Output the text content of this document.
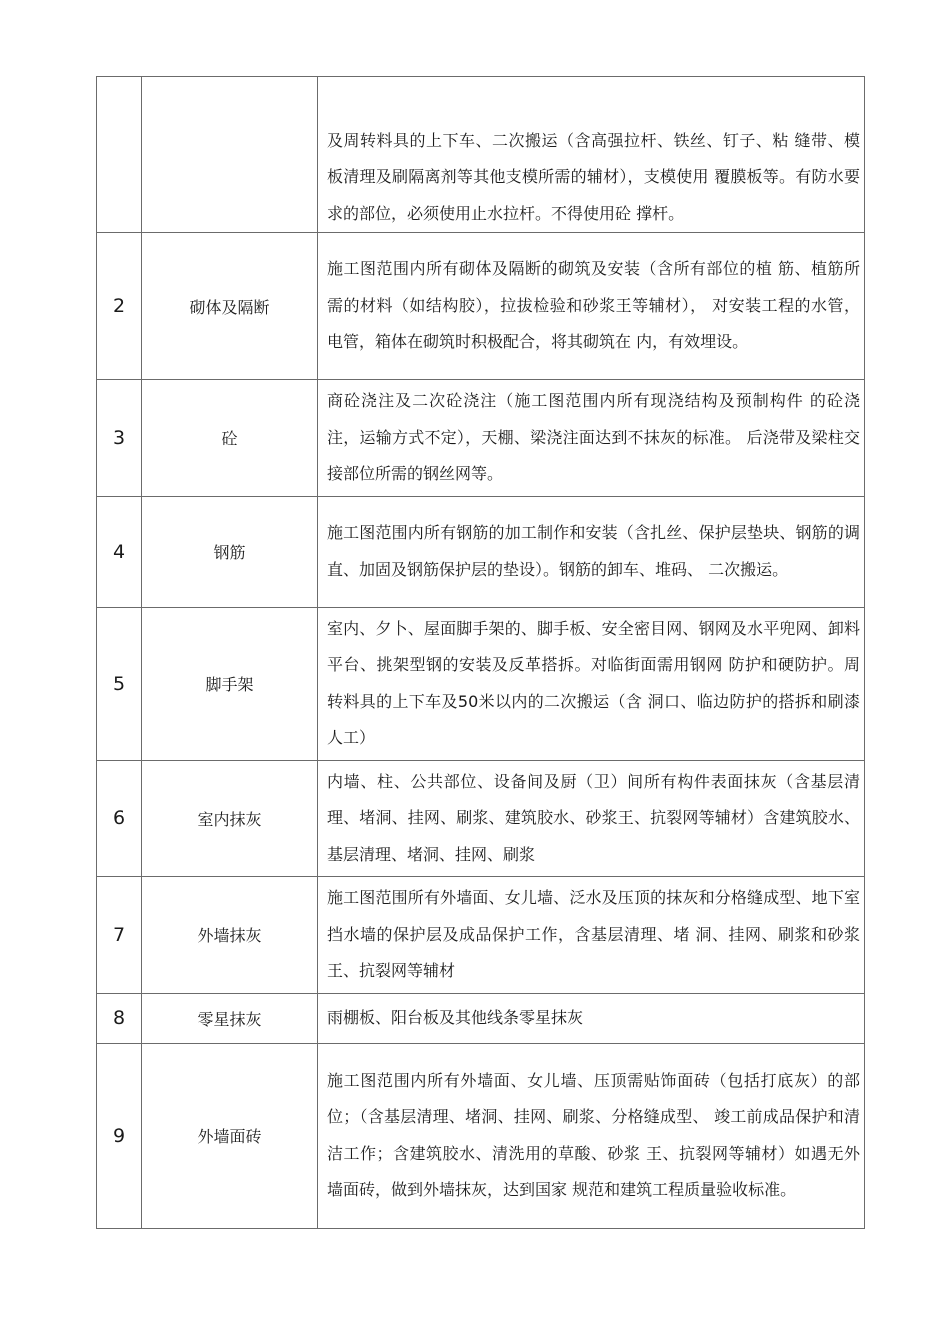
		及周转料具的上下车、二次搬运（含高强拉杆、铁丝、钉子、粘 缝带、模板清理及刷隔离剂等其他支模所需的辅材），支模使用 覆膜板等。有防水要求的部位，必须使用止水拉杆。不得使用砼 撑杆。
2	砌体及隔断	施工图范围内所有砌体及隔断的砌筑及安装（含所有部位的植 筋、植筋所需的材料（如结构胶），拉拔检验和砂浆王等辅材）， 对安装工程的水管，电管，箱体在砌筑时积极配合，将其砌筑在 内，有效埋设。
3	砼	商砼浇注及二次砼浇注（施工图范围内所有现浇结构及预制构件 的砼浇注，运输方式不定），天棚、梁浇注面达到不抹灰的标准。 后浇带及梁柱交接部位所需的钢丝网等。
4	钢筋	施工图范围内所有钢筋的加工制作和安装（含扎丝、保护层垫块、钢筋的调直、加固及钢筋保护层的垫设）。钢筋的卸车、堆码、 二次搬运。
5	脚手架	室内、夕卜、屋面脚手架的、脚手板、安全密目网、钢网及水平兜网、卸料平台、挑架型钢的安装及反革搭拆。对临街面需用钢网 防护和硬防护。周转料具的上下车及50米以内的二次搬运（含 洞口、临边防护的搭拆和刷漆人工）
6	室内抹灰	内墙、柱、公共部位、设备间及厨（卫）间所有构件表面抹灰（含基层清理、堵洞、挂网、刷浆、建筑胶水、砂浆王、抗裂网等辅材）含建筑胶水、基层清理、堵洞、挂网、刷浆
7	外墙抹灰	施工图范围所有外墙面、女儿墙、泛水及压顶的抹灰和分格缝成型、地下室挡水墙的保护层及成品保护工作，含基层清理、堵 洞、挂网、刷浆和砂浆王、抗裂网等辅材
8	零星抹灰	雨棚板、阳台板及其他线条零星抹灰
9	外墙面砖	施工图范围内所有外墙面、女儿墙、压顶需贴饰面砖（包括打底灰）的部位；（含基层清理、堵洞、挂网、刷浆、分格缝成型、 竣工前成品保护和清洁工作；含建筑胶水、清洗用的草酸、砂浆 王、抗裂网等辅材）如遇无外墙面砖，做到外墙抹灰，达到国家 规范和建筑工程质量验收标准。
